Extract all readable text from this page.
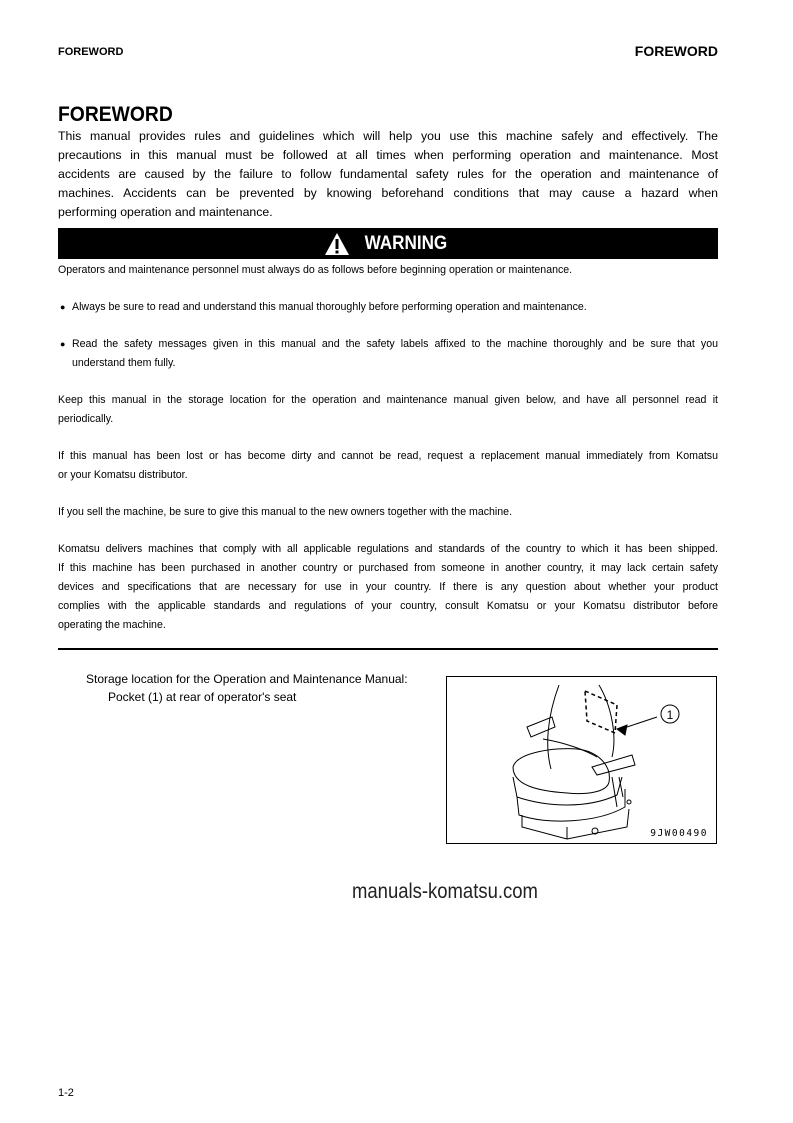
FOREWORD	FOREWORD
FOREWORD
This manual provides rules and guidelines which will help you use this machine safely and effectively. The
precautions in this manual must be followed at all times when performing operation and maintenance. Most
accidents are caused by the failure to follow fundamental safety rules for the operation and maintenance of
machines. Accidents can be prevented by knowing beforehand conditions that may cause a hazard when
performing operation and maintenance.
WARNING
Operators and maintenance personnel must always do as follows before beginning operation or maintenance.
● Always be sure to read and understand this manual thoroughly before performing operation and maintenance.
● Read the safety messages given in this manual and the safety labels affixed to the machine thoroughly and be sure that you
understand them fully.
Keep this manual in the storage location for the operation and maintenance manual given below, and have all personnel read it
periodically.
If this manual has been lost or has become dirty and cannot be read, request a replacement manual immediately from Komatsu
or your Komatsu distributor.
If you sell the machine, be sure to give this manual to the new owners together with the machine.
Komatsu delivers machines that comply with all applicable regulations and standards of the country to which it has been shipped.
If this machine has been purchased in another country or purchased from someone in another country, it may lack certain safety
devices and specifications that are necessary for use in your country. If there is any question about whether your product
complies with the applicable standards and regulations of your country, consult Komatsu or your Komatsu distributor before
operating the machine.
Storage location for the Operation and Maintenance Manual:
Pocket (1) at rear of operator's seat
1
9JW00490
manuals-komatsu.com
1-2
